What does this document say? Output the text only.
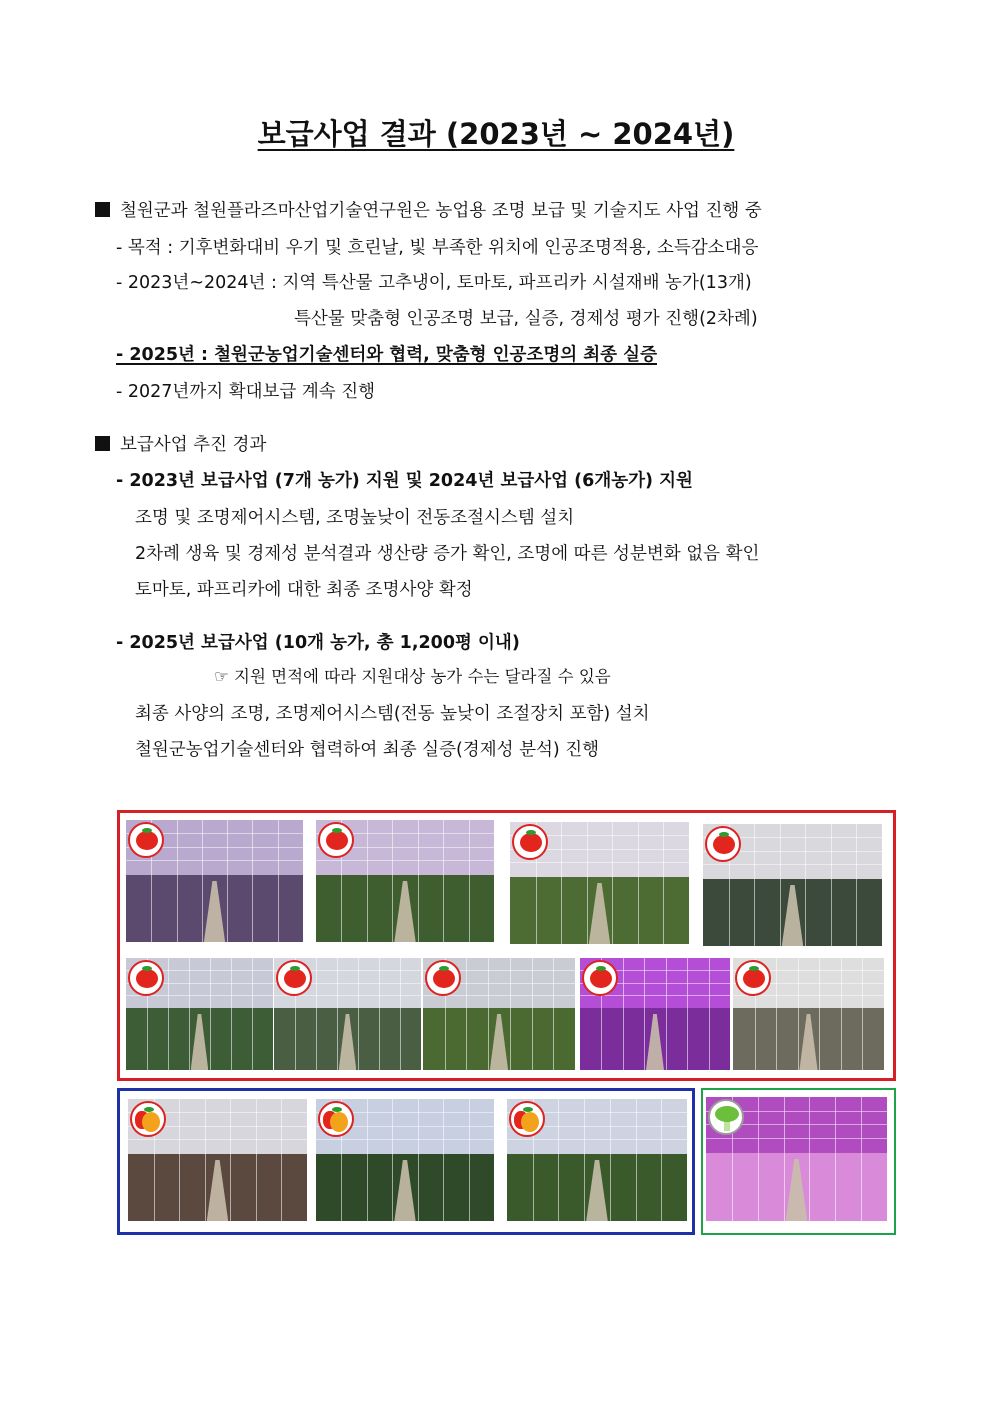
보급사업 결과 (2023년 ~ 2024년)
철원군과 철원플라즈마산업기술연구원은 농업용 조명 보급 및 기술지도 사업 진행 중
- 목적 : 기후변화대비 우기 및 흐린날, 빛 부족한 위치에 인공조명적용, 소득감소대응
- 2023년~2024년 : 지역 특산물 고추냉이, 토마토, 파프리카 시설재배 농가(13개)
특산물 맞춤형 인공조명 보급, 실증, 경제성 평가 진행(2차례)
- 2025년 : 철원군농업기술센터와 협력, 맞춤형 인공조명의 최종 실증
- 2027년까지 확대보급 계속 진행
보급사업 추진 경과
- 2023년 보급사업 (7개 농가) 지원 및 2024년 보급사업 (6개농가) 지원
조명 및 조명제어시스템, 조명높낮이 전동조절시스템 설치
2차례 생육 및 경제성 분석결과 생산량 증가 확인, 조명에 따른 성분변화 없음 확인
토마토, 파프리카에 대한 최종 조명사양 확정
- 2025년 보급사업 (10개 농가, 총 1,200평 이내)
☞ 지원 면적에 따라 지원대상 농가 수는 달라질 수 있음
최종 사양의 조명, 조명제어시스템(전동 높낮이 조절장치 포함) 설치
철원군농업기술센터와 협력하여 최종 실증(경제성 분석) 진행
